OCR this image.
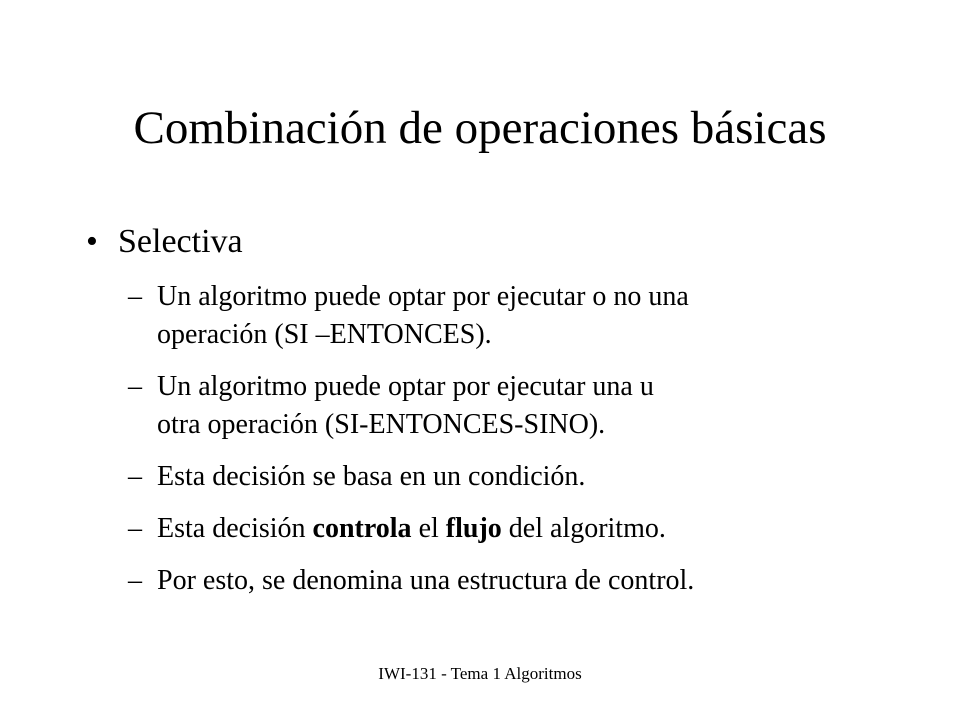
Combinación de operaciones básicas
• Selectiva
– Un algoritmo puede optar por ejecutar o no una
operación (SI –ENTONCES).
– Un algoritmo puede optar por ejecutar una u
otra operación (SI-ENTONCES-SINO).
– Esta decisión se basa en un condición.
– Esta decisión controla el flujo del algoritmo.
– Por esto, se denomina una estructura de control.
IWI-131 - Tema 1 Algoritmos
